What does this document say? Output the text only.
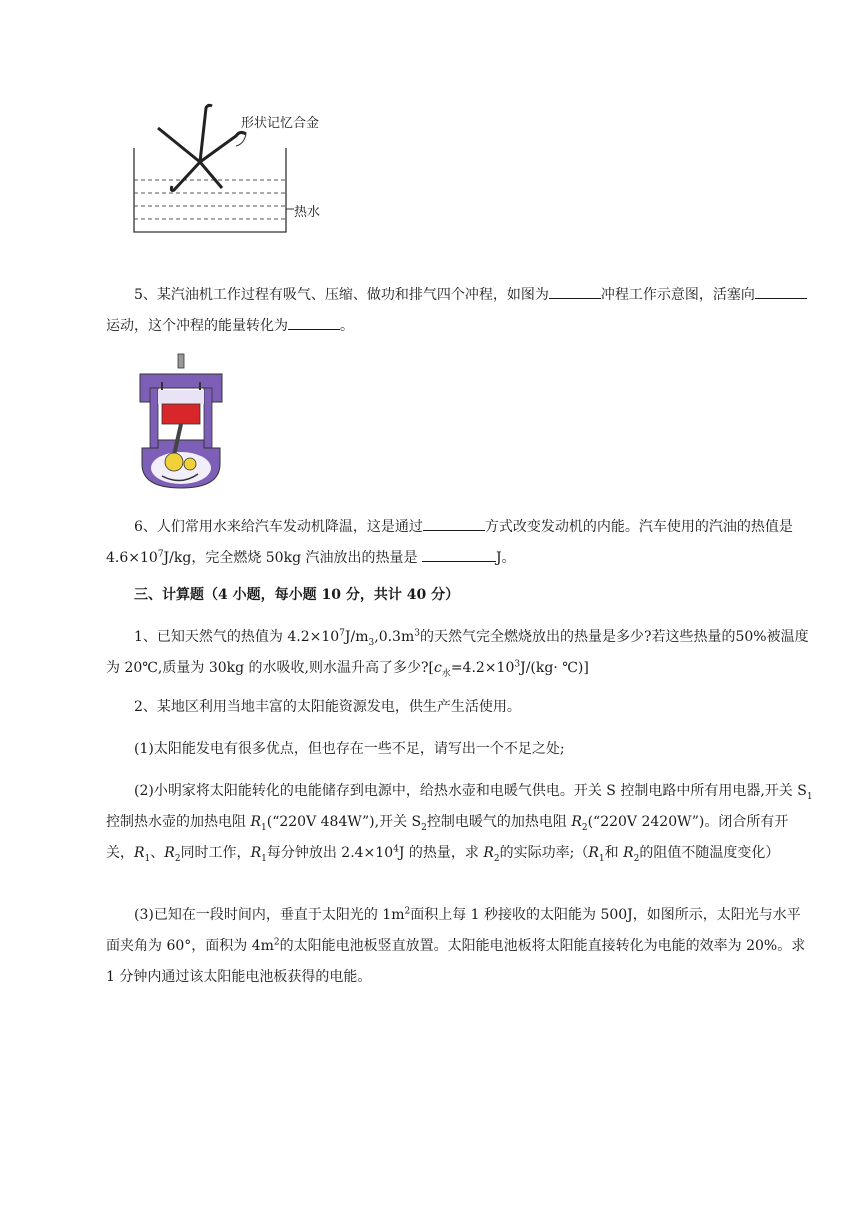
形状记忆合金
热水

5、某汽油机工作过程有吸气、压缩、做功和排气四个冲程，如图为	冲程工作示意图，活塞向运动，这个冲程的能量转化为	。

6、人们常用水来给汽车发动机降温，这是通过	方式改变发动机的内能。汽车使用的汽油的热值是 $4.6\times 10^7J/kg$，完全燃烧 50kg 汽油放出的热量是	J。

三、计算题（4 小题，每小题 10 分，共计 40 分）

1、已知天然气的热值为 $4.2\times 10^7J/m_3,0.3m^3$的天然气完全燃烧放出的热量是多少?若这些热量的50%被温度为 20℃,质量为 30kg 的水吸收,则水温升高了多少$?[c_水=4.2\times 10^3J/(kg\cdot$ ℃)]

2、某地区利用当地丰富的太阳能资源发电，供生产生活使用。

(1)太阳能发电有很多优点，但也存在一些不足，请写出一个不足之处;

(2)小明家将太阳能转化的电能储存到电源中，给热水壶和电暖气供电。开关 S 控制电路中所有用电器,开关 $S_1$控制热水壶的加热电阻 $R_1(“220V$ 484W”),开关 $S_2$控制电暖气的加热电阻 $R_2(“220V$ 2420W”)。闭合所有开关，$R_1$、$R_2$同时工作，$R_1$每分钟放出 $2.4\times 10^4J$ 的热量，求 $R_2$的实际功率$;(R_1$和 $R_2$的阻值不随温度变化）

(3)已知在一段时间内，垂直于太阳光的 $1m^2$面积上每 1 秒接收的太阳能为 500J，如图所示，太阳光与水平面夹角为 60°，面积为 $4m^2$的太阳能电池板竖直放置。太阳能电池板将太阳能直接转化为电能的效率为 20%。求 1 分钟内通过该太阳能电池板获得的电能。
